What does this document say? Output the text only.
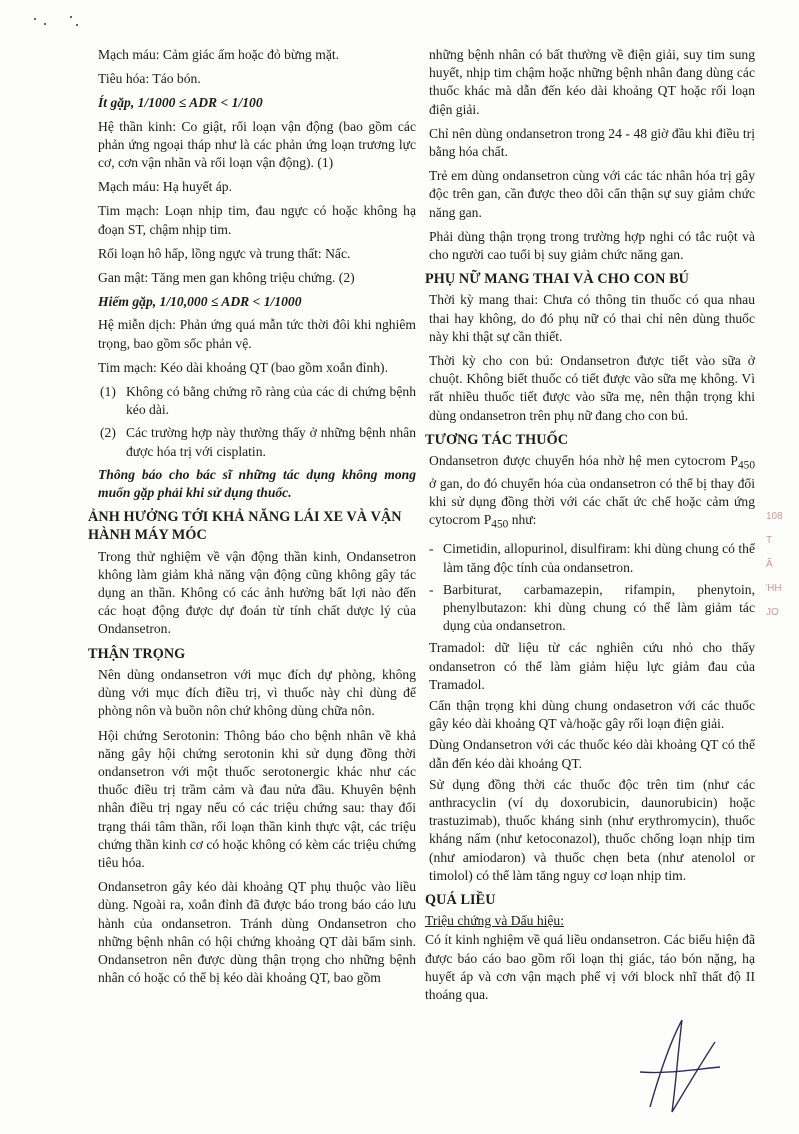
Mạch máu: Cảm giác ấm hoặc đỏ bừng mặt.

Tiêu hóa: Táo bón.

Ít gặp, 1/1000 ≤ ADR < 1/100

Hệ thần kinh: Co giật, rối loạn vận động (bao gồm các phản ứng ngoại tháp như là các phản ứng loạn trương lực cơ, cơn vận nhãn và rối loạn vận động). (1)

Mạch máu: Hạ huyết áp.

Tim mạch: Loạn nhịp tim, đau ngực có hoặc không hạ đoạn ST, chậm nhịp tim.

Rối loạn hô hấp, lồng ngực và trung thất: Nấc.

Gan mật: Tăng men gan không triệu chứng. (2)

Hiếm gặp, 1/10,000 ≤ ADR < 1/1000

Hệ miễn dịch: Phản ứng quá mẫn tức thời đôi khi nghiêm trọng, bao gồm sốc phản vệ.

Tim mạch: Kéo dài khoảng QT (bao gồm xoắn đỉnh).

(1) Không có bằng chứng rõ ràng của các di chứng bệnh kéo dài.
(2) Các trường hợp này thường thấy ở những bệnh nhân được hóa trị với cisplatin.

Thông báo cho bác sĩ những tác dụng không mong muốn gặp phải khi sử dụng thuốc.

ẢNH HƯỞNG TỚI KHẢ NĂNG LÁI XE VÀ VẬN HÀNH MÁY MÓC

Trong thử nghiệm về vận động thần kinh, Ondansetron không làm giảm khả năng vận động cũng không gây tác dụng an thần. Không có các ảnh hưởng bất lợi nào đến các hoạt động được dự đoán từ tính chất dược lý của Ondansetron.

THẬN TRỌNG

Nên dùng ondansetron với mục đích dự phòng, không dùng với mục đích điều trị, vì thuốc này chỉ dùng để phòng nôn và buồn nôn chứ không dùng chữa nôn.

Hội chứng Serotonin: Thông báo cho bệnh nhân về khả năng gây hội chứng serotonin khi sử dụng đồng thời ondansetron với một thuốc serotonergic khác như các thuốc điều trị trầm cảm và đau nửa đầu. Khuyên bệnh nhân điều trị ngay nếu có các triệu chứng sau: thay đổi trạng thái tâm thần, rối loạn thần kinh thực vật, các triệu chứng thần kinh cơ có hoặc không có kèm các triệu chứng tiêu hóa.

Ondansetron gây kéo dài khoảng QT phụ thuộc vào liều dùng. Ngoài ra, xoắn đỉnh đã được báo trong báo cáo lưu hành của ondansetron. Tránh dùng Ondansetron cho những bệnh nhân có hội chứng khoảng QT dài bẩm sinh. Ondansetron nên được dùng thận trọng cho những bệnh nhân có hoặc có thể bị kéo dài khoảng QT, bao gồm

những bệnh nhân có bất thường về điện giải, suy tim sung huyết, nhịp tim chậm hoặc những bệnh nhân đang dùng các thuốc khác mà dẫn đến kéo dài khoảng QT hoặc rối loạn điện giải.

Chỉ nên dùng ondansetron trong 24 - 48 giờ đầu khi điều trị bằng hóa chất.

Trẻ em dùng ondansetron cùng với các tác nhân hóa trị gây độc trên gan, cần được theo dõi cẩn thận sự suy giảm chức năng gan.

Phải dùng thận trọng trong trường hợp nghi có tắc ruột và cho người cao tuổi bị suy giảm chức năng gan.

PHỤ NỮ MANG THAI VÀ CHO CON BÚ

Thời kỳ mang thai: Chưa có thông tin thuốc có qua nhau thai hay không, do đó phụ nữ có thai chỉ nên dùng thuốc này khi thật sự cần thiết.

Thời kỳ cho con bú: Ondansetron được tiết vào sữa ở chuột. Không biết thuốc có tiết được vào sữa mẹ không. Vì rất nhiều thuốc tiết được vào sữa mẹ, nên thận trọng khi dùng ondansetron trên phụ nữ đang cho con bú.

TƯƠNG TÁC THUỐC

Ondansetron được chuyển hóa nhờ hệ men cytocrom $P_{450}$ ở gan, do đó chuyển hóa của ondansetron có thể bị thay đổi khi sử dụng đồng thời với các chất ức chế hoặc cảm ứng cytocrom $P_{450}$ như:

- Cimetidin, allopurinol, disulfiram: khi dùng chung có thể làm tăng độc tính của ondansetron.
- Barbiturat, carbamazepin, rifampin, phenytoin, phenylbutazon: khi dùng chung có thể làm giảm tác dụng của ondansetron.

Tramadol: dữ liệu từ các nghiên cứu nhỏ cho thấy ondansetron có thể làm giảm hiệu lực giảm đau của Tramadol.

Cẩn thận trọng khi dùng chung ondasetron với các thuốc gây kéo dài khoảng QT và/hoặc gây rối loạn điện giải.

Dùng Ondansetron với các thuốc kéo dài khoảng QT có thể dẫn đến kéo dài khoảng QT.

Sử dụng đồng thời các thuốc độc trên tim (như các anthracyclin (ví dụ doxorubicin, daunorubicin) hoặc trastuzimab), thuốc kháng sinh (như erythromycin), thuốc kháng nấm (như ketoconazol), thuốc chống loạn nhịp tim (như amiodaron) và thuốc chẹn beta (như atenolol or timolol) có thể làm tăng nguy cơ loạn nhịp tim.

QUÁ LIỀU

Triệu chứng và Dấu hiệu:

Có ít kinh nghiệm về quá liều ondansetron. Các biểu hiện đã được báo cáo bao gồm rối loạn thị giác, táo bón nặng, hạ huyết áp và cơn vận mạch phế vị với block nhĩ thất độ II thoáng qua.

108
T
Ã
ΉΗ
JO
